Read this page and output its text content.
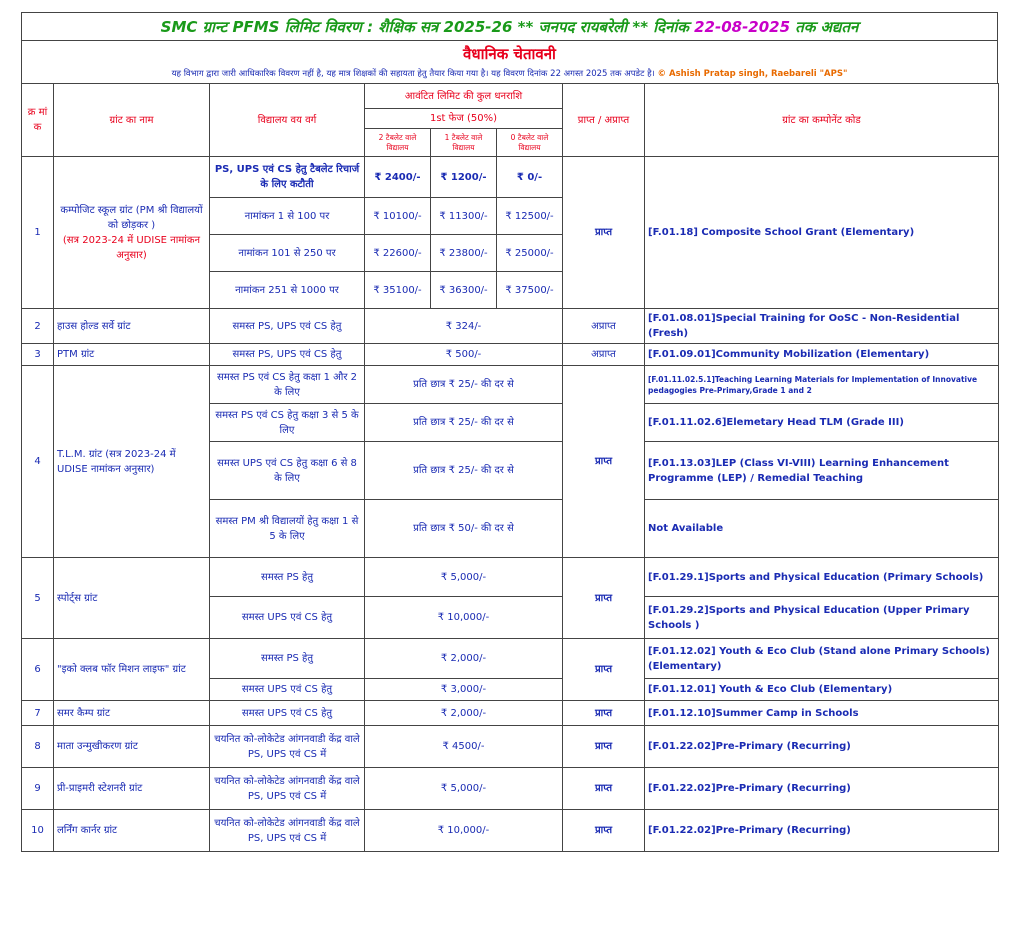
SMC ग्रान्ट PFMS लिमिट विवरण : शैक्षिक सत्र 2025-26 ** जनपद रायबरेली ** दिनांक 22-08-2025 तक अद्यतन

वैधानिक चेतावनी
यह विभाग द्वारा जारी आधिकारिक विवरण नहीं है, यह मात्र शिक्षकों की सहायता हेतु तैयार किया गया है। यह विवरण दिनांक 22 अगस्त 2025 तक अपडेट है। © Ashish Pratap singh, Raebareli "APS"
क्र मां क	ग्रांट का नाम	विद्यालय वय वर्ग	आवंटित लिमिट की कुल धनराशि			प्राप्त / अप्राप्त	ग्रांट का कम्पोनेंट कोड
			1st फेज (50%)				
			2 टैबलेट वाले विद्यालय	1 टैबलेट वाले विद्यालय	0 टैबलेट वाले विद्यालय		
1	कम्पोजिट स्कूल ग्रांट (PM श्री विद्यालयों को छोड़कर )
(सत्र 2023-24 में UDISE नामांकन अनुसार)	PS, UPS एवं CS हेतु टैबलेट रिचार्ज के लिए कटौती	₹ 2400/-	₹ 1200/-	₹ 0/-	प्राप्त	[F.01.18] Composite School Grant (Elementary)
		नामांकन 1 से 100 पर	₹ 10100/-	₹ 11300/-	₹ 12500/-		
		नामांकन 101 से 250 पर	₹ 22600/-	₹ 23800/-	₹ 25000/-		
		नामांकन 251 से 1000 पर	₹ 35100/-	₹ 36300/-	₹ 37500/-		
2	हाउस होल्ड सर्वे ग्रांट	समस्त PS, UPS एवं CS हेतु	₹ 324/-			अप्राप्त	[F.01.08.01]Special Training for OoSC - Non-Residential (Fresh)
3	PTM ग्रांट	समस्त PS, UPS एवं CS हेतु	₹ 500/-			अप्राप्त	[F.01.09.01]Community Mobilization (Elementary)
4	T.L.M. ग्रांट (सत्र 2023-24 में UDISE नामांकन अनुसार)	समस्त PS एवं CS हेतु कक्षा 1 और 2 के लिए	प्रति छात्र ₹ 25/- की दर से			प्राप्त	[F.01.11.02.5.1]Teaching Learning Materials for Implementation of Innovative pedagogies Pre-Primary,Grade 1 and 2
		समस्त PS एवं CS हेतु कक्षा 3 से 5 के लिए	प्रति छात्र ₹ 25/- की दर से				[F.01.11.02.6]Elemetary Head TLM (Grade III)
		समस्त UPS एवं CS हेतु कक्षा 6 से 8 के लिए	प्रति छात्र ₹ 25/- की दर से				[F.01.13.03]LEP (Class VI-VIII) Learning Enhancement Programme (LEP) / Remedial Teaching
		समस्त PM श्री विद्यालयों हेतु कक्षा 1 से 5 के लिए	प्रति छात्र ₹ 50/- की दर से				Not Available
5	स्पोर्ट्स ग्रांट	समस्त PS हेतु	₹ 5,000/-			प्राप्त	[F.01.29.1]Sports and Physical Education (Primary Schools)
		समस्त UPS एवं CS हेतु	₹ 10,000/-				[F.01.29.2]Sports and Physical Education (Upper Primary Schools )
6	"इको क्लब फॉर मिशन लाइफ" ग्रांट	समस्त PS हेतु	₹ 2,000/-			प्राप्त	[F.01.12.02] Youth & Eco Club (Stand alone Primary Schools) (Elementary)
		समस्त UPS एवं CS हेतु	₹ 3,000/-				[F.01.12.01] Youth & Eco Club (Elementary)
7	समर कैम्प ग्रांट	समस्त UPS एवं CS हेतु	₹ 2,000/-			प्राप्त	[F.01.12.10]Summer Camp in Schools
8	माता उन्मुखीकरण ग्रांट	चयनित को-लोकेटेड आंगनवाडी केंद्र वाले PS, UPS एवं CS में	₹ 4500/-			प्राप्त	[F.01.22.02]Pre-Primary (Recurring)
9	प्री-प्राइमरी स्टेशनरी ग्रांट	चयनित को-लोकेटेड आंगनवाडी केंद्र वाले PS, UPS एवं CS में	₹ 5,000/-			प्राप्त	[F.01.22.02]Pre-Primary (Recurring)
10	लर्निंग कार्नर ग्रांट	चयनित को-लोकेटेड आंगनवाडी केंद्र वाले PS, UPS एवं CS में	₹ 10,000/-			प्राप्त	[F.01.22.02]Pre-Primary (Recurring)
